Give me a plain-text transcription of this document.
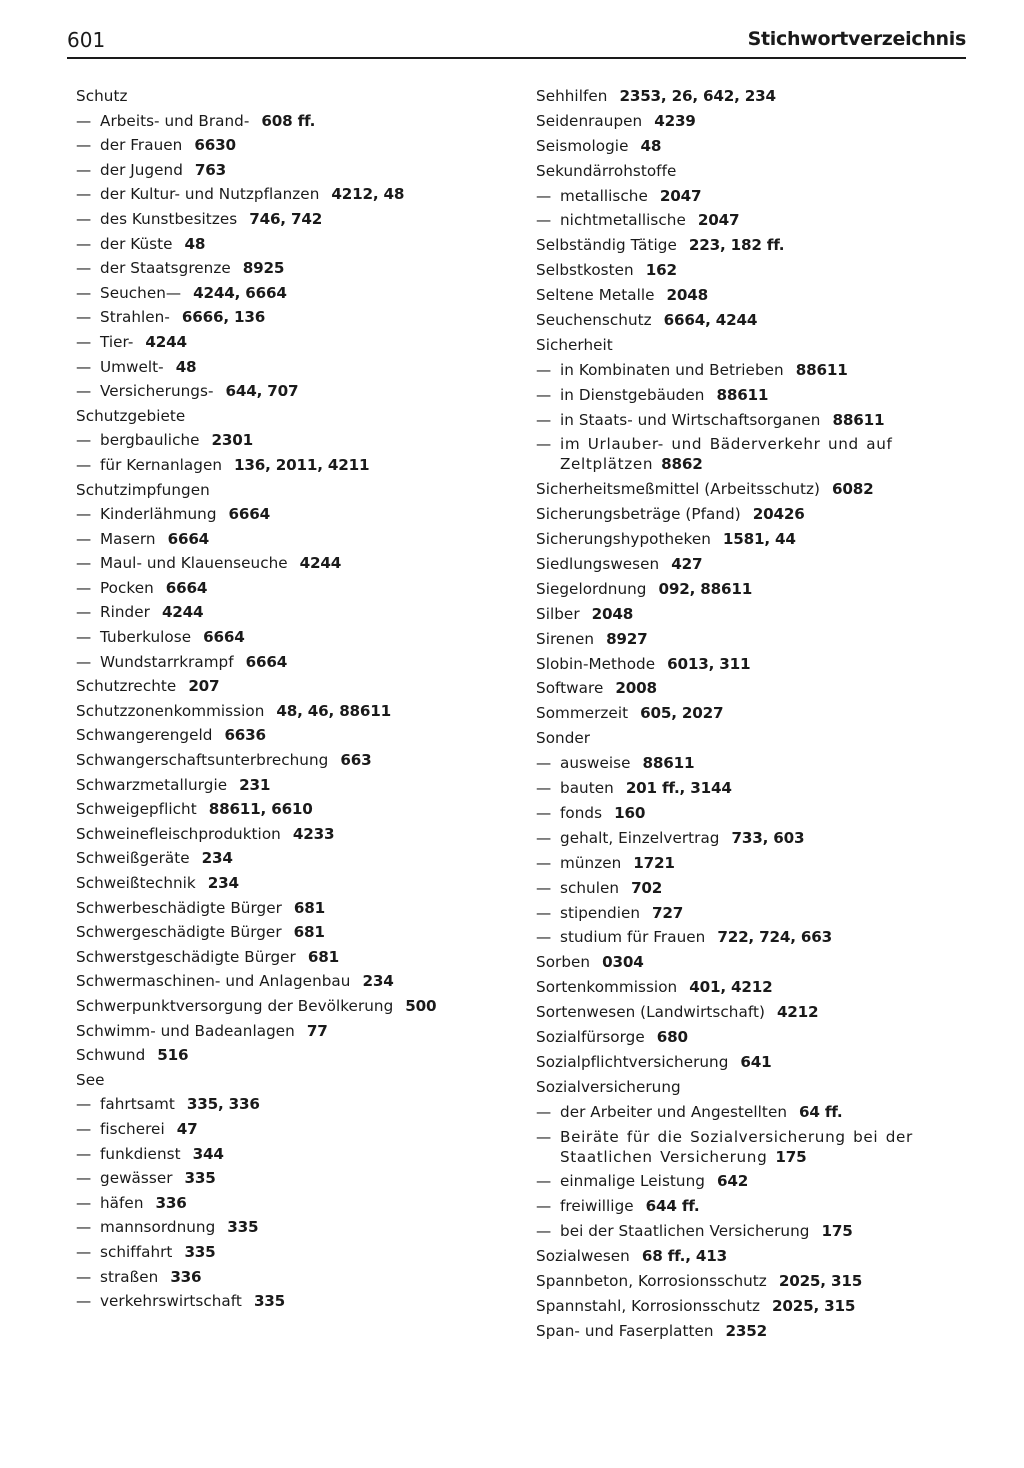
601	Stichwortverzeichnis
Schutz
— Arbeits- und Brand- 608 ff.
— der Frauen 6630
— der Jugend 763
— der Kultur- und Nutzpflanzen 4212, 48
— des Kunstbesitzes 746, 742
— der Küste 48
— der Staatsgrenze 8925
— Seuchen— 4244, 6664
— Strahlen- 6666, 136
— Tier- 4244
— Umwelt- 48
— Versicherungs- 644, 707
Schutzgebiete
— bergbauliche 2301
— für Kernanlagen 136, 2011, 4211
Schutzimpfungen
— Kinderlähmung 6664
— Masern 6664
— Maul- und Klauenseuche 4244
— Pocken 6664
— Rinder 4244
— Tuberkulose 6664
— Wundstarrkrampf 6664
Schutzrechte 207
Schutzzonenkommission 48, 46, 88611
Schwangerengeld 6636
Schwangerschaftsunterbrechung 663
Schwarzmetallurgie 231
Schweigepflicht 88611, 6610
Schweinefleischproduktion 4233
Schweißgeräte 234
Schweißtechnik 234
Schwerbeschädigte Bürger 681
Schwergeschädigte Bürger 681
Schwerstgeschädigte Bürger 681
Schwermaschinen- und Anlagenbau 234
Schwerpunktversorgung der Bevölkerung 500
Schwimm- und Badeanlagen 77
Schwund 516
See
— fahrtsamt 335, 336
— fischerei 47
— funkdienst 344
— gewässer 335
— häfen 336
— mannsordnung 335
— schiffahrt 335
— straßen 336
— verkehrswirtschaft 335
Sehhilfen 2353, 26, 642, 234
Seidenraupen 4239
Seismologie 48
Sekundärrohstoffe
— metallische 2047
— nichtmetallische 2047
Selbständig Tätige 223, 182 ff.
Selbstkosten 162
Seltene Metalle 2048
Seuchenschutz 6664, 4244
Sicherheit
— in Kombinaten und Betrieben 88611
— in Dienstgebäuden 88611
— in Staats- und Wirtschaftsorganen 88611
— im Urlauber- und Bäderverkehr und auf Zeltplätzen 8862
Sicherheitsmeßmittel (Arbeitsschutz) 6082
Sicherungsbeträge (Pfand) 20426
Sicherungshypotheken 1581, 44
Siedlungswesen 427
Siegelordnung 092, 88611
Silber 2048
Sirenen 8927
Slobin-Methode 6013, 311
Software 2008
Sommerzeit 605, 2027
Sonder
— ausweise 88611
— bauten 201 ff., 3144
— fonds 160
— gehalt, Einzelvertrag 733, 603
— münzen 1721
— schulen 702
— stipendien 727
— studium für Frauen 722, 724, 663
Sorben 0304
Sortenkommission 401, 4212
Sortenwesen (Landwirtschaft) 4212
Sozialfürsorge 680
Sozialpflichtversicherung 641
Sozialversicherung
— der Arbeiter und Angestellten 64 ff.
— Beiräte für die Sozialversicherung bei der Staatlichen Versicherung 175
— einmalige Leistung 642
— freiwillige 644 ff.
— bei der Staatlichen Versicherung 175
Sozialwesen 68 ff., 413
Spannbeton, Korrosionsschutz 2025, 315
Spannstahl, Korrosionsschutz 2025, 315
Span- und Faserplatten 2352
